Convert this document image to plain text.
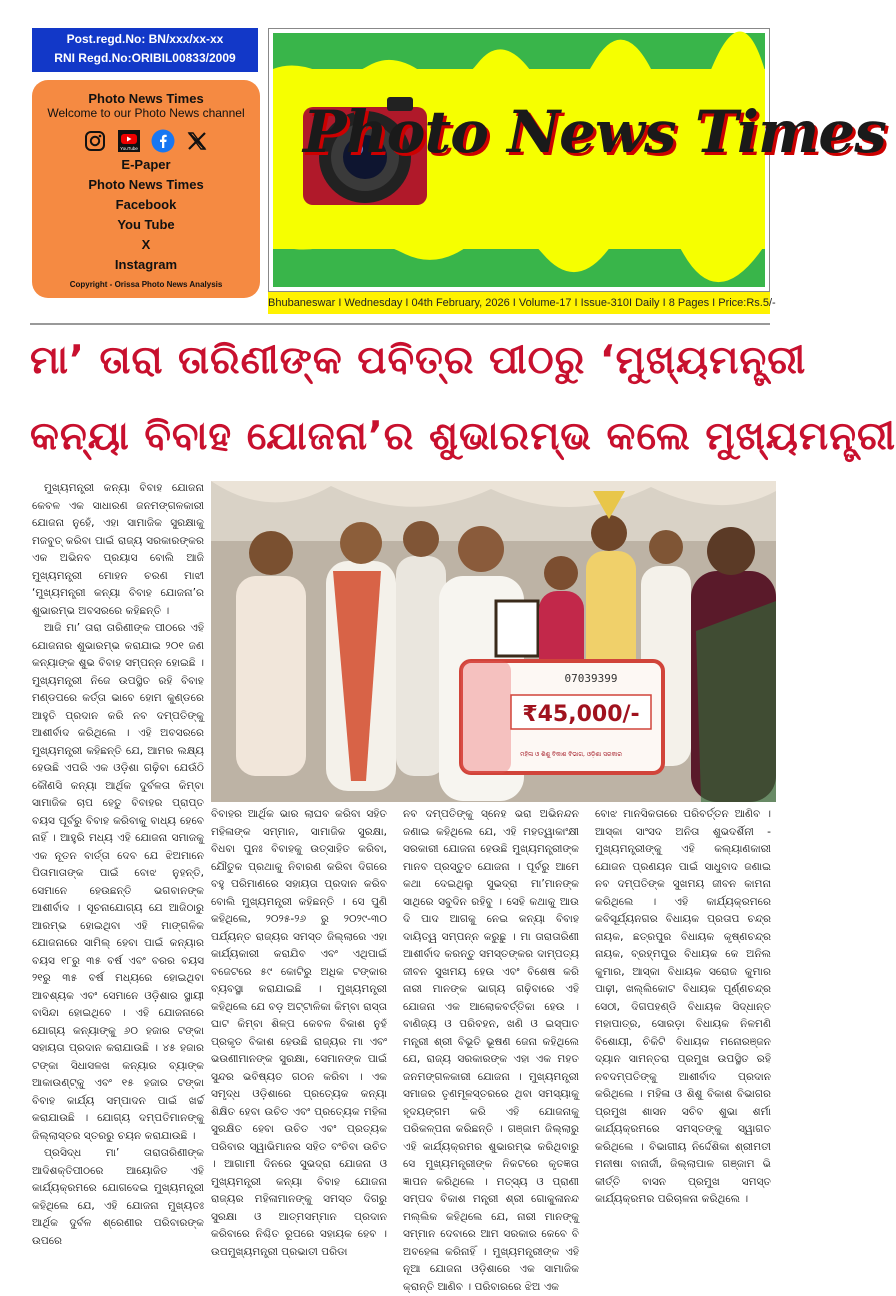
Post.regd.No: BN/xxx/xx-xx
RNI Regd.No:ORIBIL00833/2009
Photo News Times
Welcome to our Photo News channel
YouTube
E-Paper
Photo News Times
Facebook
You Tube
X
Instagram
Copyright - Orissa Photo News Analysis
Photo News Times
Bhubaneswar I Wednesday I 04th February, 2026 I Volume-17 I Issue-310I Daily I 8 Pages I Price:Rs.5/-
ମା’ ତାରା ତାରିଣୀଙ୍କ ପବିତ୍ର ପୀଠରୁ ‘ମୁଖ୍ୟମନ୍ତ୍ରୀ
କନ୍ୟା ବିବାହ ଯୋଜନା’ର ଶୁଭାରମ୍ଭ କଲେ ମୁଖ୍ୟମନ୍ତ୍ରୀ

ମୁଖ୍ୟମନ୍ତ୍ରୀ କନ୍ୟା ବିବାହ ଯୋଜନା କେବଳ ଏକ ସାଧାରଣ ଜନମଙ୍ଗଳକାରୀ ଯୋଜନା ନୁହେଁ, ଏହା ସାମାଜିକ ସୁରକ୍ଷାକୁ ମଜବୁତ୍ କରିବା ପାଇଁ ରାଜ୍ୟ ସରକାରଙ୍କର ଏକ ଅଭିନବ ପ୍ରୟାସ ବୋଲି ଆଜି ମୁଖ୍ୟମନ୍ତ୍ରୀ ମୋହନ ଚରଣ ମାଝୀ ‘ମୁଖ୍ୟମନ୍ତ୍ରୀ କନ୍ୟା ବିବାହ ଯୋଜନା’ର ଶୁଭାରମ୍ଭ ଅବସରରେ କହିଛନ୍ତି ।

ଆଜି ମା’ ତାରା ତାରିଣୀଙ୍କ ପୀଠରେ ଏହି ଯୋଜନାର ଶୁଭାରମ୍ଭ କରାଯାଇ ୨୦୧ ଜଣ କନ୍ୟାଙ୍କ ଶୁଭ ବିବାହ ସମ୍ପନ୍ନ ହୋଇଛି । ମୁଖ୍ୟମନ୍ତ୍ରୀ ନିଜେ ଉପସ୍ଥିତ ରହି ବିବାହ ମଣ୍ଡପରେ କର୍ତ୍ତା ଭାବେ ହୋମ କୁଣ୍ଡରେ ଆହୁତି ପ୍ରଦାନ କରି ନବ ଦମ୍ପତିଙ୍କୁ ଆଶୀର୍ବାଦ କରିଥିଲେ । ଏହି ଅବସରରେ ମୁଖ୍ୟମନ୍ତ୍ରୀ କହିଛନ୍ତି ଯେ, ଆମର ଲକ୍ଷ୍ୟ ହେଉଛି ଏପରି ଏକ ଓଡ଼ିଶା ଗଢ଼ିବା ଯେଉଁଠି କୌଣସି କନ୍ୟା ଆର୍ଥିକ ଦୁର୍ବଳତା କିମ୍ବା ସାମାଜିକ ଚାପ ହେତୁ ବିବାହର ପ୍ରାପ୍ତ ବୟସ ପୂର୍ବରୁ ବିବାହ କରିବାକୁ ବାଧ୍ୟ ହେବେ ନାହିଁ । ଆହୁରି ମଧ୍ୟ ଏହି ଯୋଜନା ସମାଜକୁ ଏକ ନୂତନ ବାର୍ତ୍ତା ଦେବ ଯେ ଝିଅମାନେ ପିତାମାତାଙ୍କ ପାଇଁ ବୋଝ ନୁହନ୍ତି, ସେମାନେ ହେଉଛନ୍ତି ଭଗବାନଙ୍କ ଆଶୀର୍ବାଦ । ସୂଚନାଯୋଗ୍ୟ ଯେ ଆଜିଠାରୁ ଆରମ୍ଭ ହୋଇଥିବା ଏହି ମାଙ୍ଗଳିକ ଯୋଜନାରେ ସାମିଲ୍ ହେବା ପାଇଁ କନ୍ୟାର ବୟସ ୧୮ରୁ ୩୫ ବର୍ଷ ଏବଂ ବରର ବୟସ ୨୧ରୁ ୩୫ ବର୍ଷ ମଧ୍ୟରେ ହୋଇଥିବା ଆବଶ୍ୟକ ଏବଂ ସେମାନେ ଓଡ଼ିଶାର ସ୍ଥାୟୀ ବାସିନ୍ଦା ହୋଇଥିବେ । ଏହି ଯୋଜନାରେ ଯୋଗ୍ୟ କନ୍ୟାଙ୍କୁ ୬୦ ହଜାର ଟଙ୍କା ସହାୟତା ପ୍ରଦାନ କରାଯାଉଛି । ୪୫ ହଜାର ଟଙ୍କା ସିଧାସଳଖ କନ୍ୟାର ବ୍ୟାଙ୍କ ଆକାଉଣ୍ଟ୍‌କୁ ଏବଂ ୧୫ ହଜାର ଟଙ୍କା ବିବାହ କାର୍ଯ୍ୟ ସମ୍ପାଦନ ପାଇଁ ଖର୍ଚ୍ଚ କରାଯାଉଛି । ଯୋଗ୍ୟ ଦମ୍ପତିମାନଙ୍କୁ ଜିଲ୍ଲାସ୍ତର ସ୍ତରରୁ ଚୟନ କରାଯାଉଛି ।

ପ୍ରସିଦ୍ଧ ମା’ ତାରାତାରିଣୀଙ୍କ ଆଦିଶକ୍ତିପୀଠରେ ଆୟୋଜିତ ଏହି କାର୍ଯ୍ୟକ୍ରମରେ ଯୋଗଦେଇ ମୁଖ୍ୟମନ୍ତ୍ରୀ କହିଥିଲେ ଯେ, ଏହି ଯୋଜନା ମୁଖ୍ୟତଃ ଆର୍ଥିକ ଦୁର୍ବଳ ଶ୍ରେଣୀର ପରିବାରଙ୍କ ଉପରେ

07039399
₹45,000/-
ମହିଳା ଓ ଶିଶୁ ବିକାଶ ବିଭାଗ, ଓଡ଼ିଶା ସରକାର

ବିବାହର ଆର୍ଥିକ ଭାର ଲାଘବ କରିବା ସହିତ ମହିଳାଙ୍କ ସମ୍ମାନ, ସାମାଜିକ ସୁରକ୍ଷା, ବିଧବା ପୁନଃ ବିବାହକୁ ଉତ୍ସାହିତ କରିବା, ଯୌତୁକ ପ୍ରଥାକୁ ନିବାରଣ କରିବା ଦିଗରେ ବହୁ ପରିମାଣରେ ସହାୟତା ପ୍ରଦାନ କରିବ ବୋଲି ମୁଖ୍ୟମନ୍ତ୍ରୀ କହିଛନ୍ତି । ସେ ପୁଣି କହିଥିଲେ, ୨୦୨୫-୨୬ ରୁ ୨୦୨୯-୩୦ ପର୍ଯ୍ୟନ୍ତ ରାଜ୍ୟର ସମସ୍ତ ଜିଲ୍ଲାରେ ଏହା କାର୍ଯ୍ୟକାରୀ କରାଯିବ ଏବଂ ଏଥିପାଇଁ ବଜେଟରେ ୫୯ କୋଟିରୁ ଅଧିକ ଟଙ୍କାର ବ୍ୟବସ୍ଥା କରାଯାଇଛି । ମୁଖ୍ୟମନ୍ତ୍ରୀ କହିଥିଲେ ଯେ ବଡ଼ ଅଟ୍ଟାଳିକା କିମ୍ବା ରାସ୍ତା ଘାଟ କିମ୍ବା ଶିଳ୍ପ କେବଳ ବିକାଶ ନୁହଁ ପ୍ରକୃତ ବିକାଶ ହେଉଛି ରାଜ୍ୟର ମା ଏବଂ ଭଉଣୀମାନଙ୍କ ସୁରକ୍ଷା, ସେମାନଙ୍କ ପାଇଁ ସୁନ୍ଦର ଭବିଷ୍ୟତ ଗଠନ କରିବା । ଏକ ସମୃଦ୍ଧ ଓଡ଼ିଶାରେ ପ୍ରତ୍ୟେକ କନ୍ୟା ଶିକ୍ଷିତ ହେବା ଉଚିତ ଏବଂ ପ୍ରତ୍ୟେକ ମହିଳା ସୁରକ୍ଷିତ ହେବା ଉଚିତ ଏବଂ ପ୍ରତ୍ୟକ ପରିବାର ସ୍ୱାଭିମାନର ସହିତ ବଂଚିବା ଉଚିତ । ଆଗାମୀ ଦିନରେ ସୁଭଦ୍ରା ଯୋଜନା ଓ ମୁଖ୍ୟମନ୍ତ୍ରୀ କନ୍ୟା ବିବାହ ଯୋଜନା ରାଜ୍ୟର ମହିଳାମାନଙ୍କୁ ସମସ୍ତ ଦିଗରୁ ସୁରକ୍ଷା ଓ ଆତ୍ମସମ୍ମାନ ପ୍ରଦାନ କରିବାରେ ନିଶ୍ଚିତ ରୂପରେ ସହାୟକ ହେବ । ଉପମୁଖ୍ୟମନ୍ତ୍ରୀ ପ୍ରଭାତୀ ପରିଡା

ନବ ଦମ୍ପତିଙ୍କୁ ସ୍ନେହ ଭରା ଅଭିନନ୍ଦନ ଜଣାଇ କହିଥିଲେ ଯେ, ଏହି ମହତ୍ୱାକାଂକ୍ଷୀ ସରକାରୀ ଯୋଜନା ହେଉଛି ମୁଖ୍ୟମନ୍ତ୍ରୀଙ୍କ ମାନବ ପ୍ରସ୍ତୁତ ଯୋଜନା । ପୂର୍ବରୁ ଆମେ କଥା ଦେଇଥିଲୁ ସୁଭଦ୍ରା ମା’ମାନଙ୍କ ସାଥିରେ ସବୁଦିନ ରହିବୁ । ସେହି କଥାକୁ ଆଉ ଦି ପାଦ ଆଗକୁ ନେଇ କନ୍ୟା ବିବାହ ଦାୟିତ୍ୱ ସମ୍ପନ୍ନ କରୁଛୁ । ମା ତାରାତାରିଣୀ ଆଶୀର୍ବାଦ କରନ୍ତୁ ସମସ୍ତଙ୍କର ଦାମ୍ପତ୍ୟ ଜୀବନ ସୁଖମୟ ହେଉ ଏବଂ ବିଶେଷ କରି ନାରୀ ମାନଙ୍କ ଭାଗ୍ୟ ଗଢ଼ିବାରେ ଏହି ଯୋଜନା ଏକ ଆଲୋକବର୍ତ୍ତିକା ହେଉ । ବାଣିଜ୍ୟ ଓ ପରିବହନ, ଖଣି ଓ ଇସ୍ପାତ ମନ୍ତ୍ରୀ ଶ୍ରୀ ବିଭୂତି ଭୂଷଣ ଜେନା କହିଥିଲେ ଯେ, ରାଜ୍ୟ ସରକାରଙ୍କ ଏହା ଏକ ମହତ ଜନମଙ୍ଗଳକାରୀ ଯୋଜନା । ମୁଖ୍ୟମନ୍ତ୍ରୀ ସମାଜର ତୃଣମୂଳସ୍ତରରେ ଥିବା ସମସ୍ୟାକୁ ହୃଦୟଙ୍ଗମ କରି ଏହି ଯୋଜନାକୁ ପରିକଳ୍ପନା କରିଛନ୍ତି । ଗଞ୍ଜାମ ଜିଲ୍ଲାରୁ ଏହି କାର୍ଯ୍ୟକ୍ରମର ଶୁଭାରମ୍ଭ କରିଥିବାରୁ ସେ ମୁଖ୍ୟମନ୍ତ୍ରୀଙ୍କ ନିକଟରେ କୃତଜ୍ଞତା ଜ୍ଞାପନ କରିଥିଲେ । ମତ୍ସ୍ୟ ଓ ପ୍ରାଣୀ ସମ୍ପଦ ବିକାଶ ମନ୍ତ୍ରୀ ଶ୍ରୀ ଗୋକୁଳାନନ୍ଦ ମଲ୍ଲିକ କହିଥିଲେ ଯେ, ନାରୀ ମାନଙ୍କୁ ସମ୍ମାନ ଦେବାରେ ଆମ ସରକାର କେବେ ବି ଅବହେଳା କରିନାହିଁ । ମୁଖ୍ୟମନ୍ତ୍ରୀଙ୍କ ଏହି ନୂଆ ଯୋଜନା ଓଡ଼ିଶାରେ ଏକ ସାମାଜିକ କ୍ରାନ୍ତି ଆଣିବ । ପରିବାରରେ ଝିଅ ଏକ

ବୋଝ ମାନସିକତାରେ ପରିବର୍ତ୍ତନ ଆଣିବ । ଆସ୍କା ସାଂସଦ ଅନିତା ଶୁଭଦର୍ଶିନୀ - ମୁଖ୍ୟମନ୍ତ୍ରୀଙ୍କୁ ଏହି କଲ୍ୟାଣକାରୀ ଯୋଜନ ପ୍ରଣୟନ ପାଇଁ ସାଧୁବାଦ ଜଣାଇ ନବ ଦମ୍ପତିଙ୍କ ସୁଖମୟ ଜୀବନ କାମନା କରିଥିଲେ । ଏହି କାର୍ଯ୍ୟକ୍ରମରେ କବିସୂର୍ଯ୍ୟନଗର ବିଧାୟକ ପ୍ରତାପ ଚନ୍ଦ୍ର ନାୟକ, ଛତ୍ରପୁର ବିଧାୟକ କୃଷ୍ଣଚନ୍ଦ୍ର ନାୟକ, ବ୍ରହ୍ମପୁର ବିଧାୟକ କେ ଅନିଲ କୁମାର, ଆସ୍କା ବିଧାୟକ ସରୋଜ କୁମାର ପାଢ଼ୀ, ଖଲ୍ଲିକୋଟ ବିଧାୟକ ପୂର୍ଣ୍ଣଚନ୍ଦ୍ର ସେଠୀ, ଦିଗପହଣ୍ଡି ବିଧାୟକ ସିଦ୍ଧାନ୍ତ ମହାପାତ୍ର, ସୋରଡ଼ା ବିଧାୟକ ନିଳମଣି ବିଶୋୟୀ, ଚିକିଟି ବିଧାୟକ ମନୋରଞ୍ଜନ ଦ୍ୟାନ ସାମନ୍ତରା ପ୍ରମୁଖ ଉପସ୍ଥିତ ରହି ନବଦମ୍ପତିଙ୍କୁ ଆଶୀର୍ବାଦ ପ୍ରଦାନ କରିଥିଲେ । ମହିଳା ଓ ଶିଶୁ ବିକାଶ ବିଭାଗର ପ୍ରମୁଖ ଶାସନ ସଚିବ ଶୁଭା ଶର୍ମା କାର୍ଯ୍ୟକ୍ରମରେ ସମସ୍ତଙ୍କୁ ସ୍ୱାଗତ କରିଥିଲେ । ବିଭାଗୀୟ ନିର୍ଦ୍ଦେଶିକା ଶ୍ରୀମତୀ ମନୀଷା ବାନାର୍ଜୀ, ଜିଲ୍ଲାପାଳ ଗଞ୍ଜାମ ଭି କୀର୍ତ୍ତି ବାସନ ପ୍ରମୁଖ ସମସ୍ତ କାର୍ଯ୍ୟକ୍ରମର ପରିଚାଳନା କରିଥିଲେ ।
